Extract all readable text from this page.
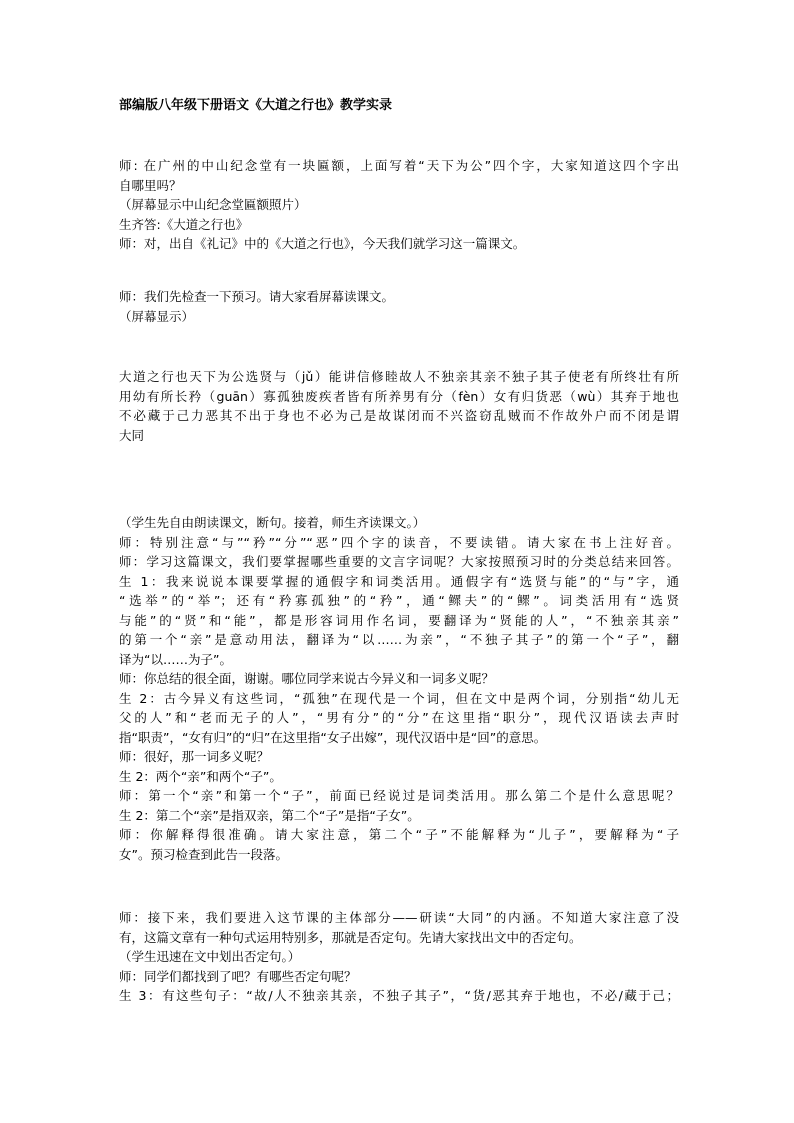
部编版八年级下册语文《大道之行也》教学实录
师: 在广州的中山纪念堂有一块匾额，上面写着“天下为公”四个字，大家知道这四个字出
自哪里吗？
（屏幕显示中山纪念堂匾额照片）
生齐答:《大道之行也》
师：对，出自《礼记》中的《大道之行也》，今天我们就学习这一篇课文。
师：我们先检查一下预习。请大家看屏幕读课文。
（屏幕显示）
大道之行也天下为公选贤与（jǔ）能讲信修睦故人不独亲其亲不独子其子使老有所终壮有所
用幼有所长矜（guān）寡孤独废疾者皆有所养男有分（fèn）女有归货恶（wù）其弃于地也
不必藏于己力恶其不出于身也不必为己是故谋闭而不兴盗窃乱贼而不作故外户而不闭是谓
大同
（学生先自由朗读课文，断句。接着，师生齐读课文。）
师：特别注意“与”“矜”“分”“恶”四个字的读音，不要读错。请大家在书上注好音。
师：学习这篇课文，我们要掌握哪些重要的文言字词呢？大家按照预习时的分类总结来回答。
生 1：我来说说本课要掌握的通假字和词类活用。通假字有“选贤与能”的“与”字，通
“选举”的“举”；还有“矜寡孤独”的“矜”，通“鳏夫”的“鳏”。词类活用有“选贤
与能”的“贤”和“能”，都是形容词用作名词，要翻译为“贤能的人”，“不独亲其亲”
的第一个“亲”是意动用法，翻译为“以……为亲”，“不独子其子”的第一个“子”，翻
译为“以……为子”。
师：你总结的很全面，谢谢。哪位同学来说古今异义和一词多义呢？
生 2：古今异义有这些词，“孤独”在现代是一个词，但在文中是两个词，分别指“幼儿无
父的人”和“老而无子的人”，“男有分”的“分”在这里指“职分”，现代汉语读去声时
指“职责”，“女有归”的“归”在这里指“女子出嫁”，现代汉语中是“回”的意思。
师：很好，那一词多义呢？
生 2：两个“亲”和两个“子”。
师：第一个“亲”和第一个“子”，前面已经说过是词类活用。那么第二个是什么意思呢？
生 2：第二个“亲”是指双亲，第二个“子”是指“子女”。
师：你解释得很准确。请大家注意，第二个“子”不能解释为“儿子”，要解释为“子
女”。预习检查到此告一段落。
师：接下来，我们要进入这节课的主体部分——研读“大同”的内涵。不知道大家注意了没
有，这篇文章有一种句式运用特别多，那就是否定句。先请大家找出文中的否定句。
（学生迅速在文中划出否定句。）
师：同学们都找到了吧？有哪些否定句呢？
生 3：有这些句子：“故/人不独亲其亲，不独子其子”，“货/恶其弃于地也，不必/藏于己；
